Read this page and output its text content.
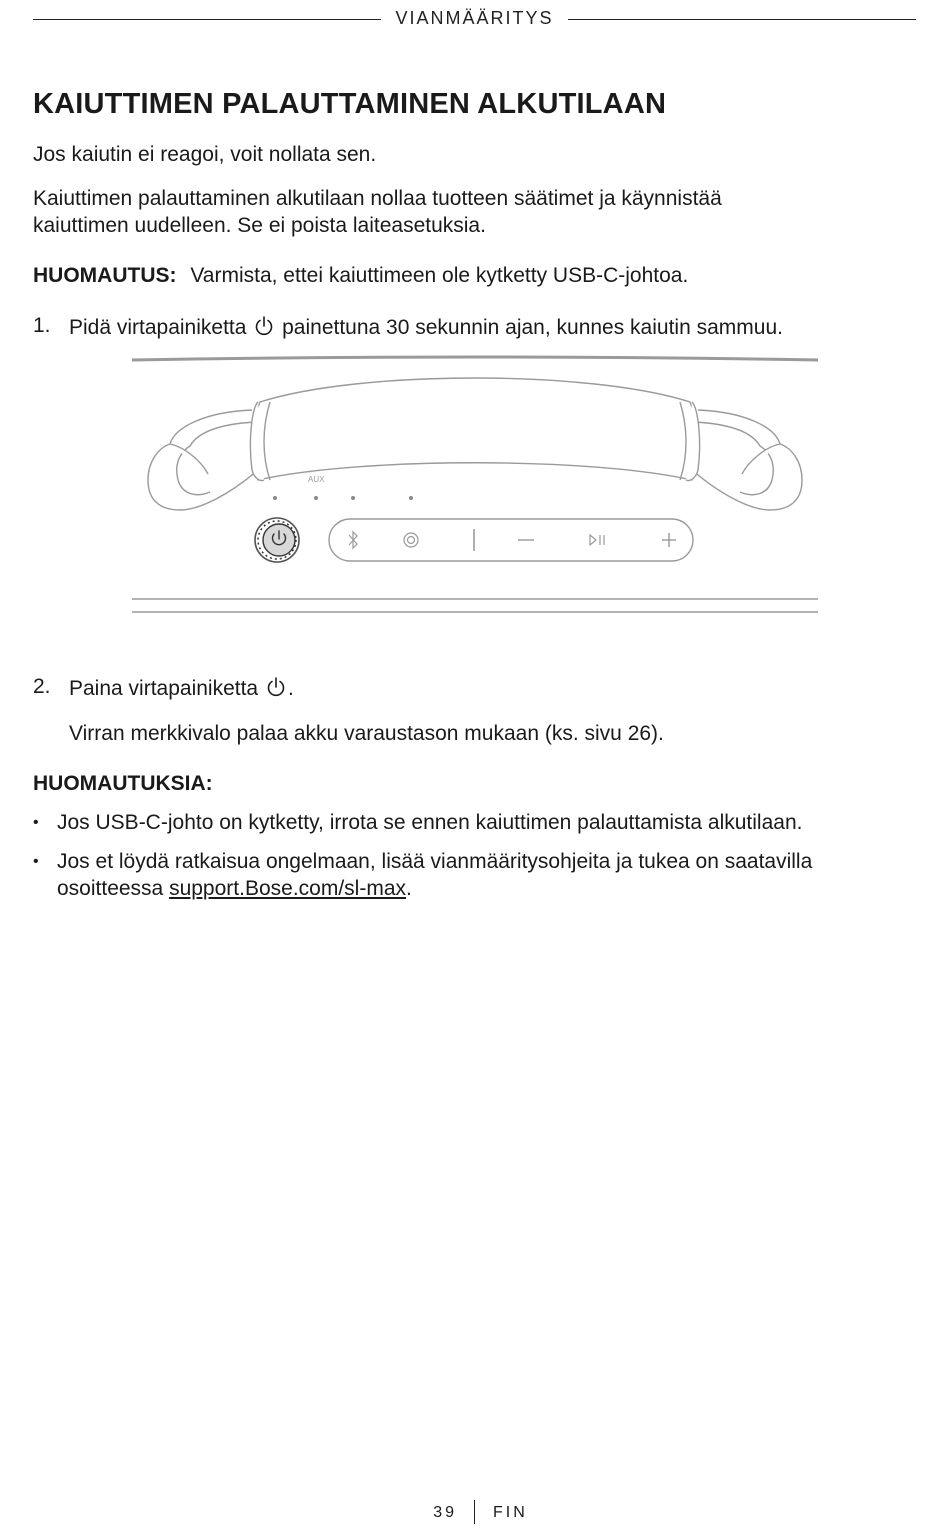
VIANMÄÄRITYS
KAIUTTIMEN PALAUTTAMINEN ALKUTILAAN

Jos kaiutin ei reagoi, voit nollata sen.

Kaiuttimen palauttaminen alkutilaan nollaa tuotteen säätimet ja käynnistää

kaiuttimen uudelleen. Se ei poista laiteasetuksia.

HUOMAUTUS: Varmista, ettei kaiuttimeen ole kytketty USB-C-johtoa.

1. Pidä virtapainiketta painettuna 30 sekunnin ajan, kunnes kaiutin sammuu.
AUX
2. Paina virtapainiketta .
Virran merkkivalo palaa akku varaustason mukaan (ks. sivu 26).

HUOMAUTUKSIA:

• Jos USB-C-johto on kytketty, irrota se ennen kaiuttimen palauttamista alkutilaan.
• Jos et löydä ratkaisua ongelmaan, lisää vianmääritysohjeita ja tukea on saatavilla
osoitteessa support.Bose.com/sl-max.
39 FIN
